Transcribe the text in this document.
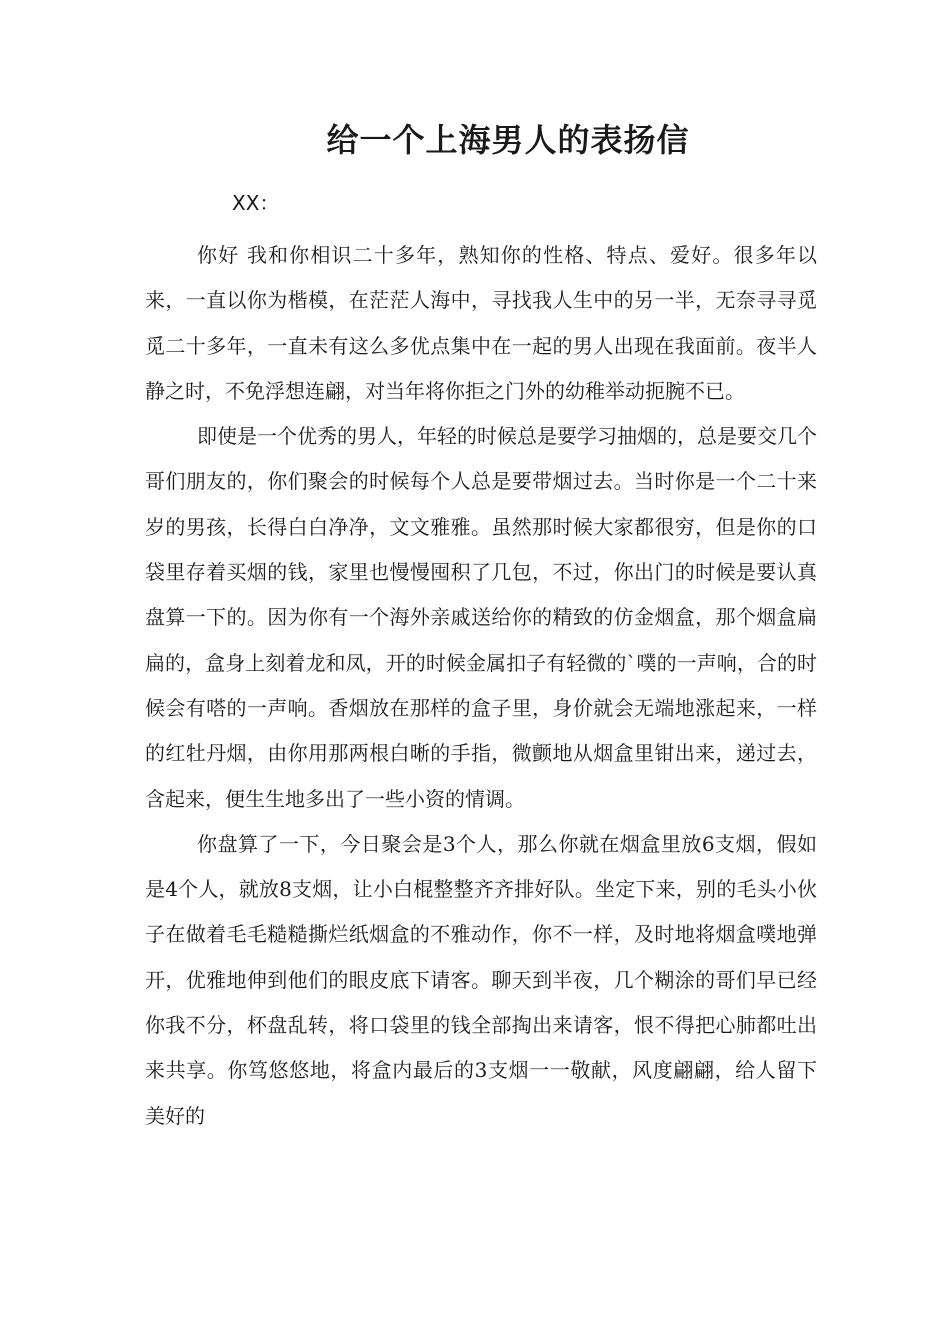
给一个上海男人的表扬信

XX：

你好 我和你相识二十多年，熟知你的性格、特点、爱好。很多年以来，一直以你为楷模，在茫茫人海中，寻找我人生中的另一半，无奈寻寻觅觅二十多年，一直未有这么多优点集中在一起的男人出现在我面前。夜半人静之时，不免浮想连翩，对当年将你拒之门外的幼稚举动扼腕不已。

即使是一个优秀的男人，年轻的时候总是要学习抽烟的，总是要交几个哥们朋友的，你们聚会的时候每个人总是要带烟过去。当时你是一个二十来岁的男孩，长得白白净净，文文雅雅。虽然那时候大家都很穷，但是你的口袋里存着买烟的钱，家里也慢慢囤积了几包，不过，你出门的时候是要认真盘算一下的。因为你有一个海外亲戚送给你的精致的仿金烟盒，那个烟盒扁扁的，盒身上刻着龙和凤，开的时候金属扣子有轻微的`噗的一声响，合的时候会有嗒的一声响。香烟放在那样的盒子里，身价就会无端地涨起来，一样的红牡丹烟，由你用那两根白晰的手指，微颤地从烟盒里钳出来，递过去，含起来，便生生地多出了一些小资的情调。

你盘算了一下，今日聚会是3个人，那么你就在烟盒里放6支烟，假如是4个人，就放8支烟，让小白棍整整齐齐排好队。坐定下来，别的毛头小伙子在做着毛毛糙糙撕烂纸烟盒的不雅动作，你不一样，及时地将烟盒噗地弹开，优雅地伸到他们的眼皮底下请客。聊天到半夜，几个糊涂的哥们早已经你我不分，杯盘乱转，将口袋里的钱全部掏出来请客，恨不得把心肺都吐出来共享。你笃悠悠地，将盒内最后的3支烟一一敬献，风度翩翩，给人留下美好的
